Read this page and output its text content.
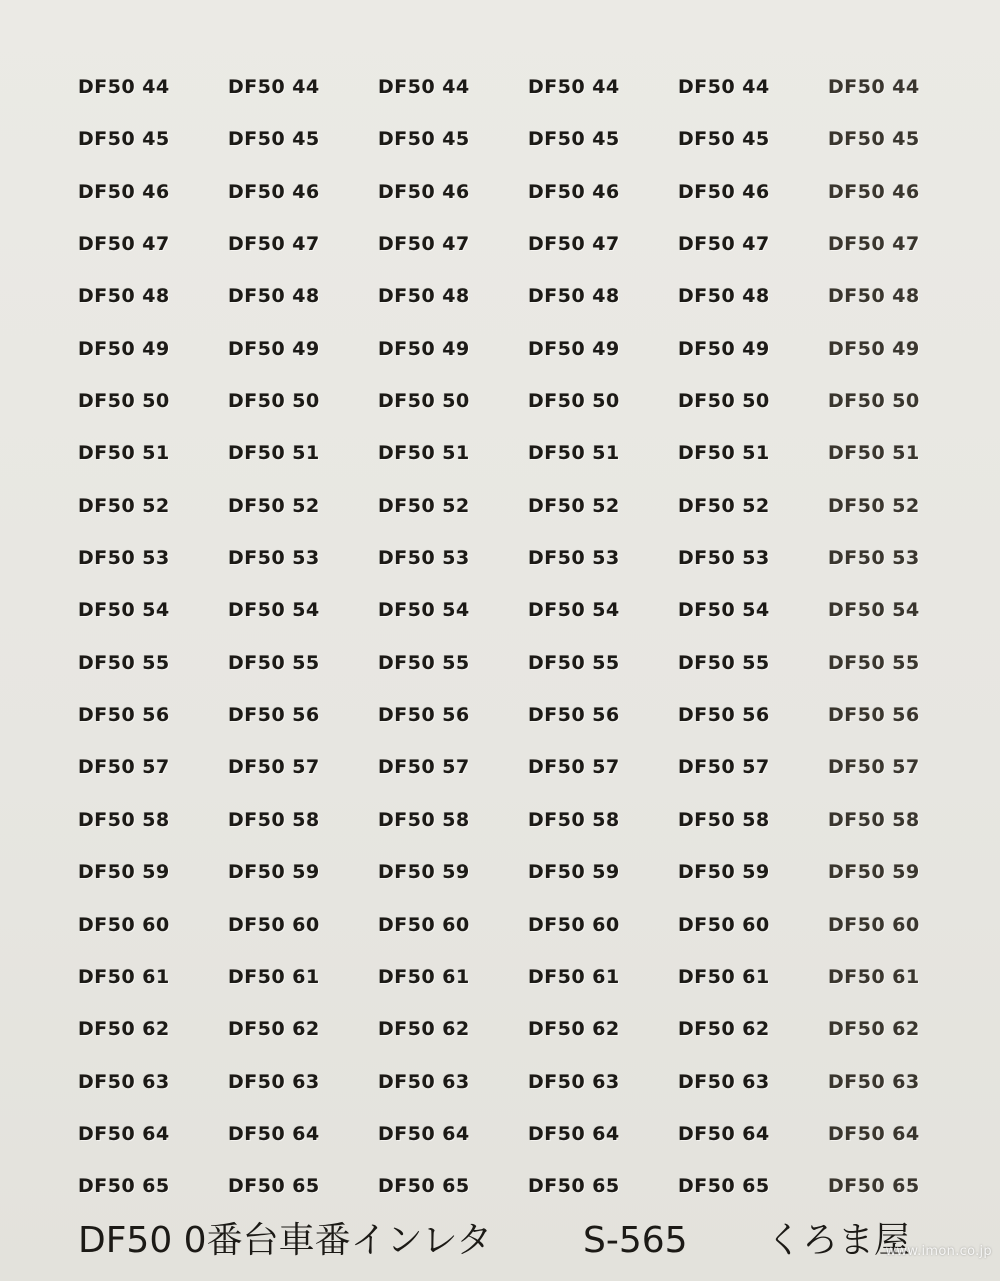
DF50 44	DF50 44	DF50 44	DF50 44	DF50 44	DF50 44
DF50 45	DF50 45	DF50 45	DF50 45	DF50 45	DF50 45
DF50 46	DF50 46	DF50 46	DF50 46	DF50 46	DF50 46
DF50 47	DF50 47	DF50 47	DF50 47	DF50 47	DF50 47
DF50 48	DF50 48	DF50 48	DF50 48	DF50 48	DF50 48
DF50 49	DF50 49	DF50 49	DF50 49	DF50 49	DF50 49
DF50 50	DF50 50	DF50 50	DF50 50	DF50 50	DF50 50
DF50 51	DF50 51	DF50 51	DF50 51	DF50 51	DF50 51
DF50 52	DF50 52	DF50 52	DF50 52	DF50 52	DF50 52
DF50 53	DF50 53	DF50 53	DF50 53	DF50 53	DF50 53
DF50 54	DF50 54	DF50 54	DF50 54	DF50 54	DF50 54
DF50 55	DF50 55	DF50 55	DF50 55	DF50 55	DF50 55
DF50 56	DF50 56	DF50 56	DF50 56	DF50 56	DF50 56
DF50 57	DF50 57	DF50 57	DF50 57	DF50 57	DF50 57
DF50 58	DF50 58	DF50 58	DF50 58	DF50 58	DF50 58
DF50 59	DF50 59	DF50 59	DF50 59	DF50 59	DF50 59
DF50 60	DF50 60	DF50 60	DF50 60	DF50 60	DF50 60
DF50 61	DF50 61	DF50 61	DF50 61	DF50 61	DF50 61
DF50 62	DF50 62	DF50 62	DF50 62	DF50 62	DF50 62
DF50 63	DF50 63	DF50 63	DF50 63	DF50 63	DF50 63
DF50 64	DF50 64	DF50 64	DF50 64	DF50 64	DF50 64
DF50 65	DF50 65	DF50 65	DF50 65	DF50 65	DF50 65
DF50 0番台車番インレタ	S-565 くろま屋
www.imon.co.jp
